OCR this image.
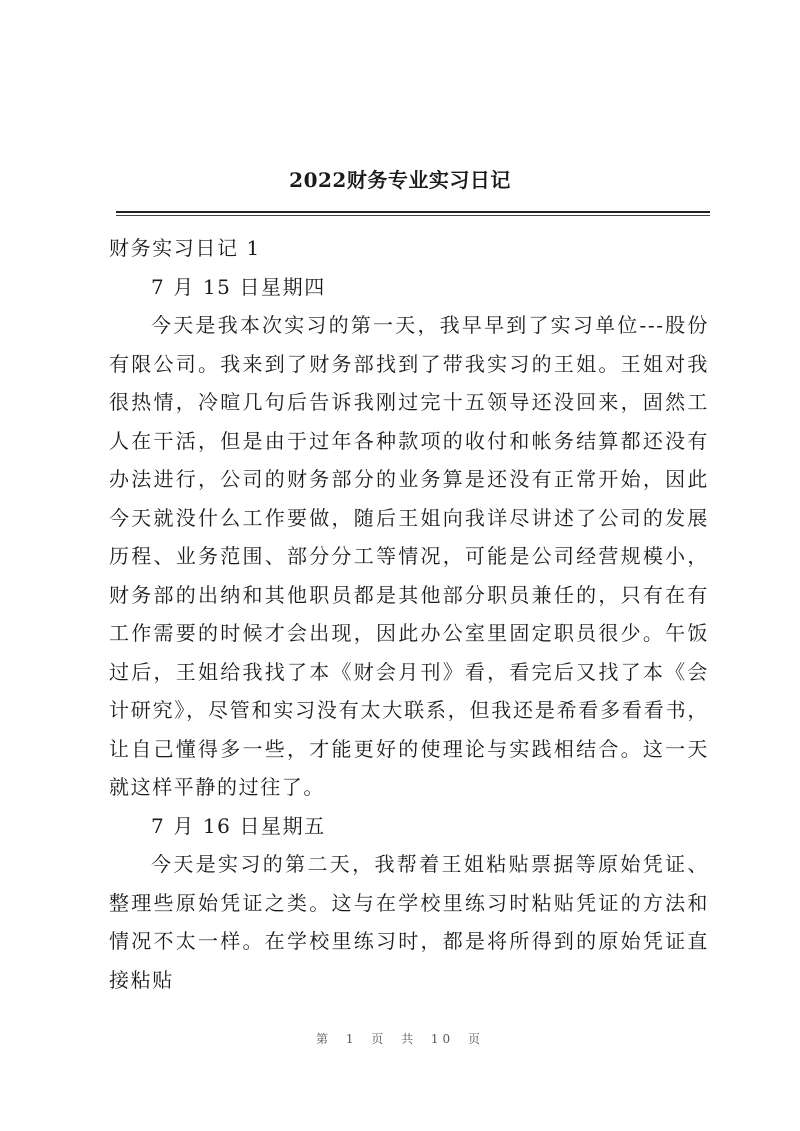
2022财务专业实习日记
财务实习日记 1
7 月 15 日星期四

今天是我本次实习的第一天，我早早到了实习单位---股份有限公司。我来到了财务部找到了带我实习的王姐。王姐对我很热情，冷暄几句后告诉我刚过完十五领导还没回来，固然工人在干活，但是由于过年各种款项的收付和帐务结算都还没有办法进行，公司的财务部分的业务算是还没有正常开始，因此今天就没什么工作要做，随后王姐向我详尽讲述了公司的发展历程、业务范围、部分分工等情况，可能是公司经营规模小，财务部的出纳和其他职员都是其他部分职员兼任的，只有在有工作需要的时候才会出现，因此办公室里固定职员很少。午饭过后，王姐给我找了本《财会月刊》看，看完后又找了本《会计研究》，尽管和实习没有太大联系，但我还是希看多看看书，让自己懂得多一些，才能更好的使理论与实践相结合。这一天就这样平静的过往了。

7 月 16 日星期五

今天是实习的第二天，我帮着王姐粘贴票据等原始凭证、整理些原始凭证之类。这与在学校里练习时粘贴凭证的方法和情况不太一样。在学校里练习时，都是将所得到的原始凭证直接粘贴

第 1 页 共 10 页
